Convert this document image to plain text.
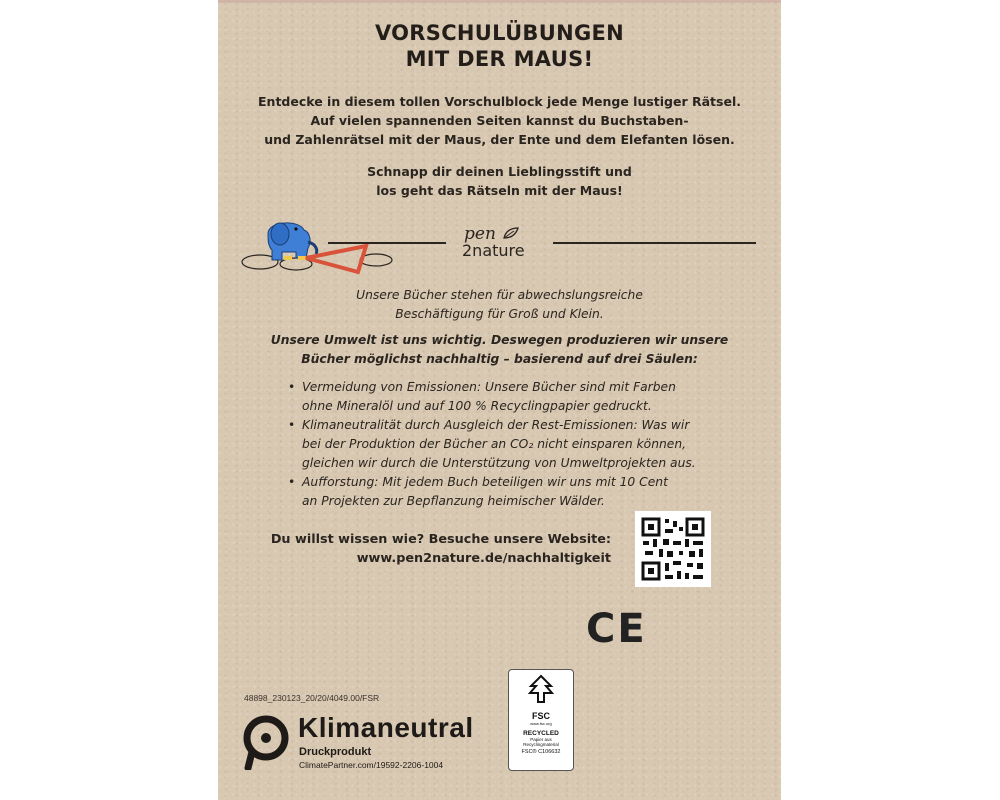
VORSCHULÜBUNGEN
MIT DER MAUS!
Entdecke in diesem tollen Vorschulblock jede Menge lustiger Rätsel.
Auf vielen spannenden Seiten kannst du Buchstaben-
und Zahlenrätsel mit der Maus, der Ente und dem Elefanten lösen.
Schnapp dir deinen Lieblingsstift und
los geht das Rätseln mit der Maus!
pen
2nature
Unsere Bücher stehen für abwechslungsreiche
Beschäftigung für Groß und Klein.
Unsere Umwelt ist uns wichtig. Deswegen produzieren wir unsere
Bücher möglichst nachhaltig – basierend auf drei Säulen:
• Vermeidung von Emissionen: Unsere Bücher sind mit Farben
ohne Mineralöl und auf 100 % Recyclingpapier gedruckt.
• Klimaneutralität durch Ausgleich der Rest-Emissionen: Was wir
bei der Produktion der Bücher an CO₂ nicht einsparen können,
gleichen wir durch die Unterstützung von Umweltprojekten aus.
• Aufforstung: Mit jedem Buch beteiligen wir uns mit 10 Cent
an Projekten zur Bepflanzung heimischer Wälder.
Du willst wissen wie? Besuche unsere Website:
www.pen2nature.de/nachhaltigkeit
CE
FSC
www.fsc.org
RECYCLED
Papier aus
Recyclingmaterial
FSC® C106632
48898_230123_20/20/4049.00/FSR
Klimaneutral
Druckprodukt
ClimatePartner.com/19592-2206-1004
